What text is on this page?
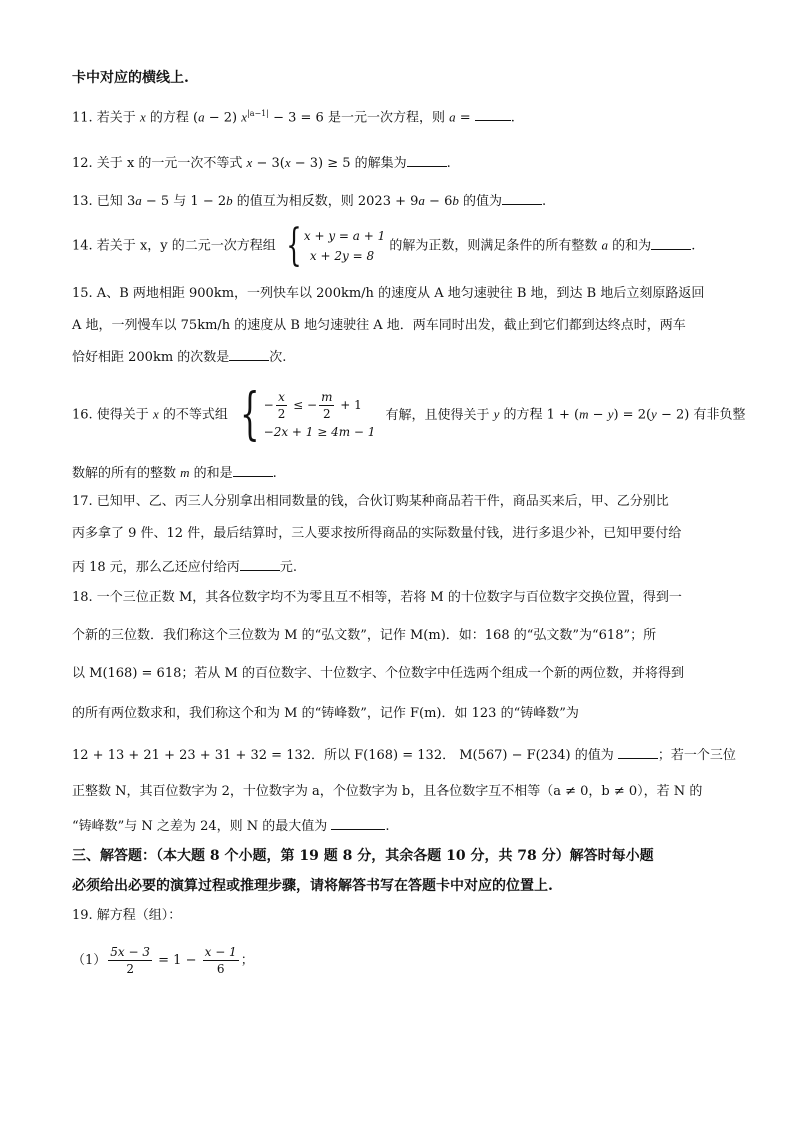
卡中对应的横线上.
11. 若关于 x 的方程 (a − 2) $x^{|a-1|} - 3 = 6$ 是一元一次方程，则 a =	.
12. 关于 x 的一元一次不等式 x − 3(x − 3) ≥ 5 的解集为	.
13. 已知 3a − 5 与 1 − 2b 的值互为相反数，则 2023 + 9a − 6b 的值为	.
14. 若关于 x，y 的二元一次方程组 { x + y = a + 1
x + 2y = 8
的解为正数，则满足条件的所有整数 a 的和为	.
15. A、B 两地相距 900km，一列快车以 200km/h 的速度从 A 地匀速驶往 B 地，到达 B 地后立刻原路返回
A 地，一列慢车以 75km/h 的速度从 B 地匀速驶往 A 地．两车同时出发，截止到它们都到达终点时，两车
恰好相距 200km 的次数是	次.
16. 使得关于 x 的不等式组 { − $\frac{x}{2}$ ≤ − $\frac{m}{2} + 1$
−2x + 1 ≥ 4m − 1
有解，且使得关于 y 的方程 1 + (m − y) = 2(y − 2) 有非负整
数解的所有的整数 m 的和是	.
17. 已知甲、乙、丙三人分别拿出相同数量的钱，合伙订购某种商品若干件，商品买来后，甲、乙分别比
丙多拿了 9 件、12 件，最后结算时，三人要求按所得商品的实际数量付钱，进行多退少补，已知甲要付给
丙 18 元，那么乙还应付给丙	元.
18. 一个三位正数 M，其各位数字均不为零且互不相等，若将 M 的十位数字与百位数字交换位置，得到一
个新的三位数．我们称这个三位数为 M 的“弘文数”，记作 M(m)．如：168 的“弘文数”为“618”；所
以 M(168) = 618；若从 M 的百位数字、十位数字、个位数字中任选两个组成一个新的两位数，并将得到
的所有两位数求和，我们称这个和为 M 的“铸峰数”，记作 F(m)．如 123 的“铸峰数”为
12 + 13 + 21 + 23 + 31 + 32 = 132．所以 F(168) = 132． M(567) − F(234) 的值为	；若一个三位
正整数 N，其百位数字为 2，十位数字为 a，个位数字为 b，且各位数字互不相等（a ≠ 0，b ≠ 0），若 N 的
“铸峰数”与 N 之差为 24，则 N 的最大值为	.
三、解答题：（本大题 8 个小题，第 19 题 8 分，其余各题 10 分，共 78 分）解答时每小题
必须给出必要的演算过程或推理步骤，请将解答书写在答题卡中对应的位置上.
19. 解方程（组）：
$(1) \frac{5x - 3}{2} = 1 - \frac{x - 1}{6}$ ；
